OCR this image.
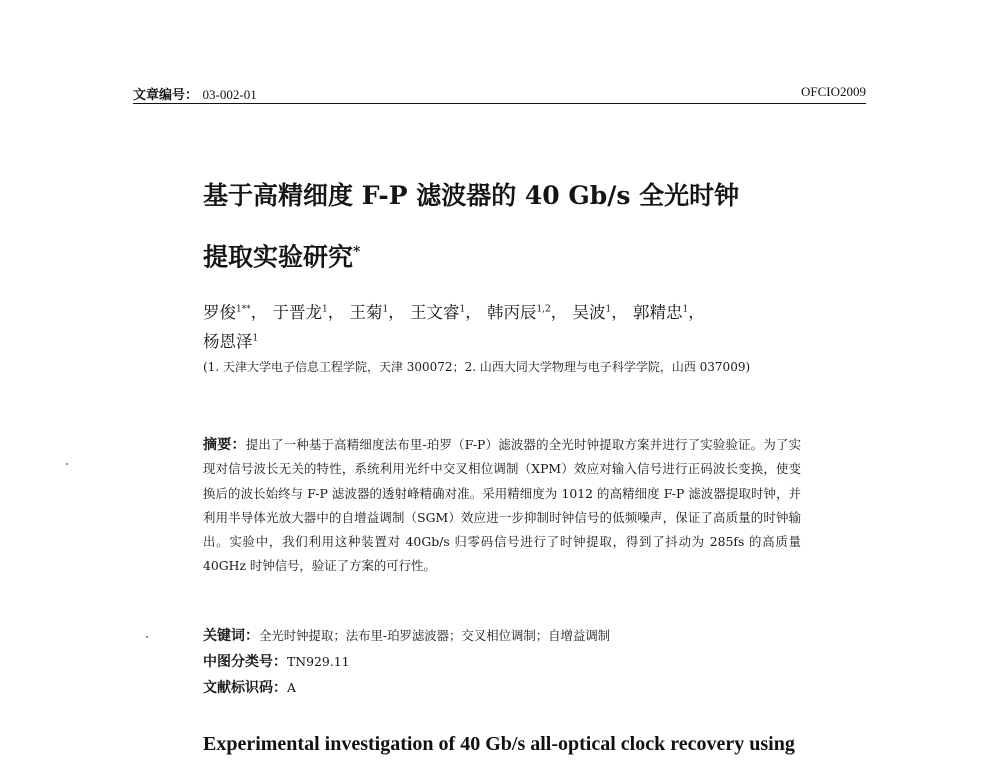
文章编号： 03-002-01	OFCIO2009
基于高精细度 F-P 滤波器的 40 Gb/s 全光时钟
提取实验研究*
罗俊$^{1**}$， 于晋龙$^1$， 王菊$^1$， 王文睿$^1$， 韩丙辰$^{1,2}$， 吴波$^1$， 郭精忠$^1$，
杨恩泽$^1$
(1. 天津大学电子信息工程学院，天津 300072；2. 山西大同大学物理与电子科学学院，山西 037009)
摘要：提出了一种基于高精细度法布里-珀罗（F-P）滤波器的全光时钟提取方案并进行了实验验证。为了实现对信号波长无关的特性，系统利用光纤中交叉相位调制（XPM）效应对输入信号进行正码波长变换，使变换后的波长始终与 F-P 滤波器的透射峰精确对准。采用精细度为 1012 的高精细度 F-P 滤波器提取时钟，并利用半导体光放大器中的自增益调制（SGM）效应进一步抑制时钟信号的低频噪声，保证了高质量的时钟输出。实验中，我们利用这种装置对 40Gb/s 归零码信号进行了时钟提取，得到了抖动为 285fs 的高质量 40GHz 时钟信号，验证了方案的可行性。
关键词：全光时钟提取；法布里-珀罗滤波器；交叉相位调制；自增益调制
中图分类号：TN929.11
文献标识码：A
Experimental investigation of 40 Gb/s all-optical clock recovery using
